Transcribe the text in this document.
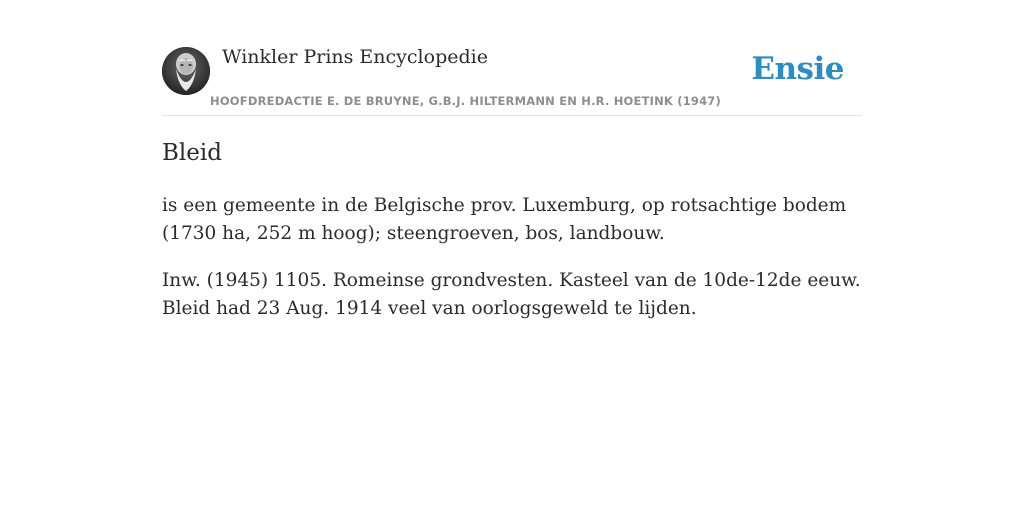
Winkler Prins Encyclopedie
HOOFDREDACTIE E. DE BRUYNE, G.B.J. HILTERMANN EN H.R. HOETINK (1947)
Ensie
Bleid

is een gemeente in de Belgische prov. Luxemburg, op rotsachtige bodem (1730 ha, 252 m hoog); steengroeven, bos, landbouw.

Inw. (1945) 1105. Romeinse grondvesten. Kasteel van de 10de-12de eeuw. Bleid had 23 Aug. 1914 veel van oorlogsgeweld te lijden.
